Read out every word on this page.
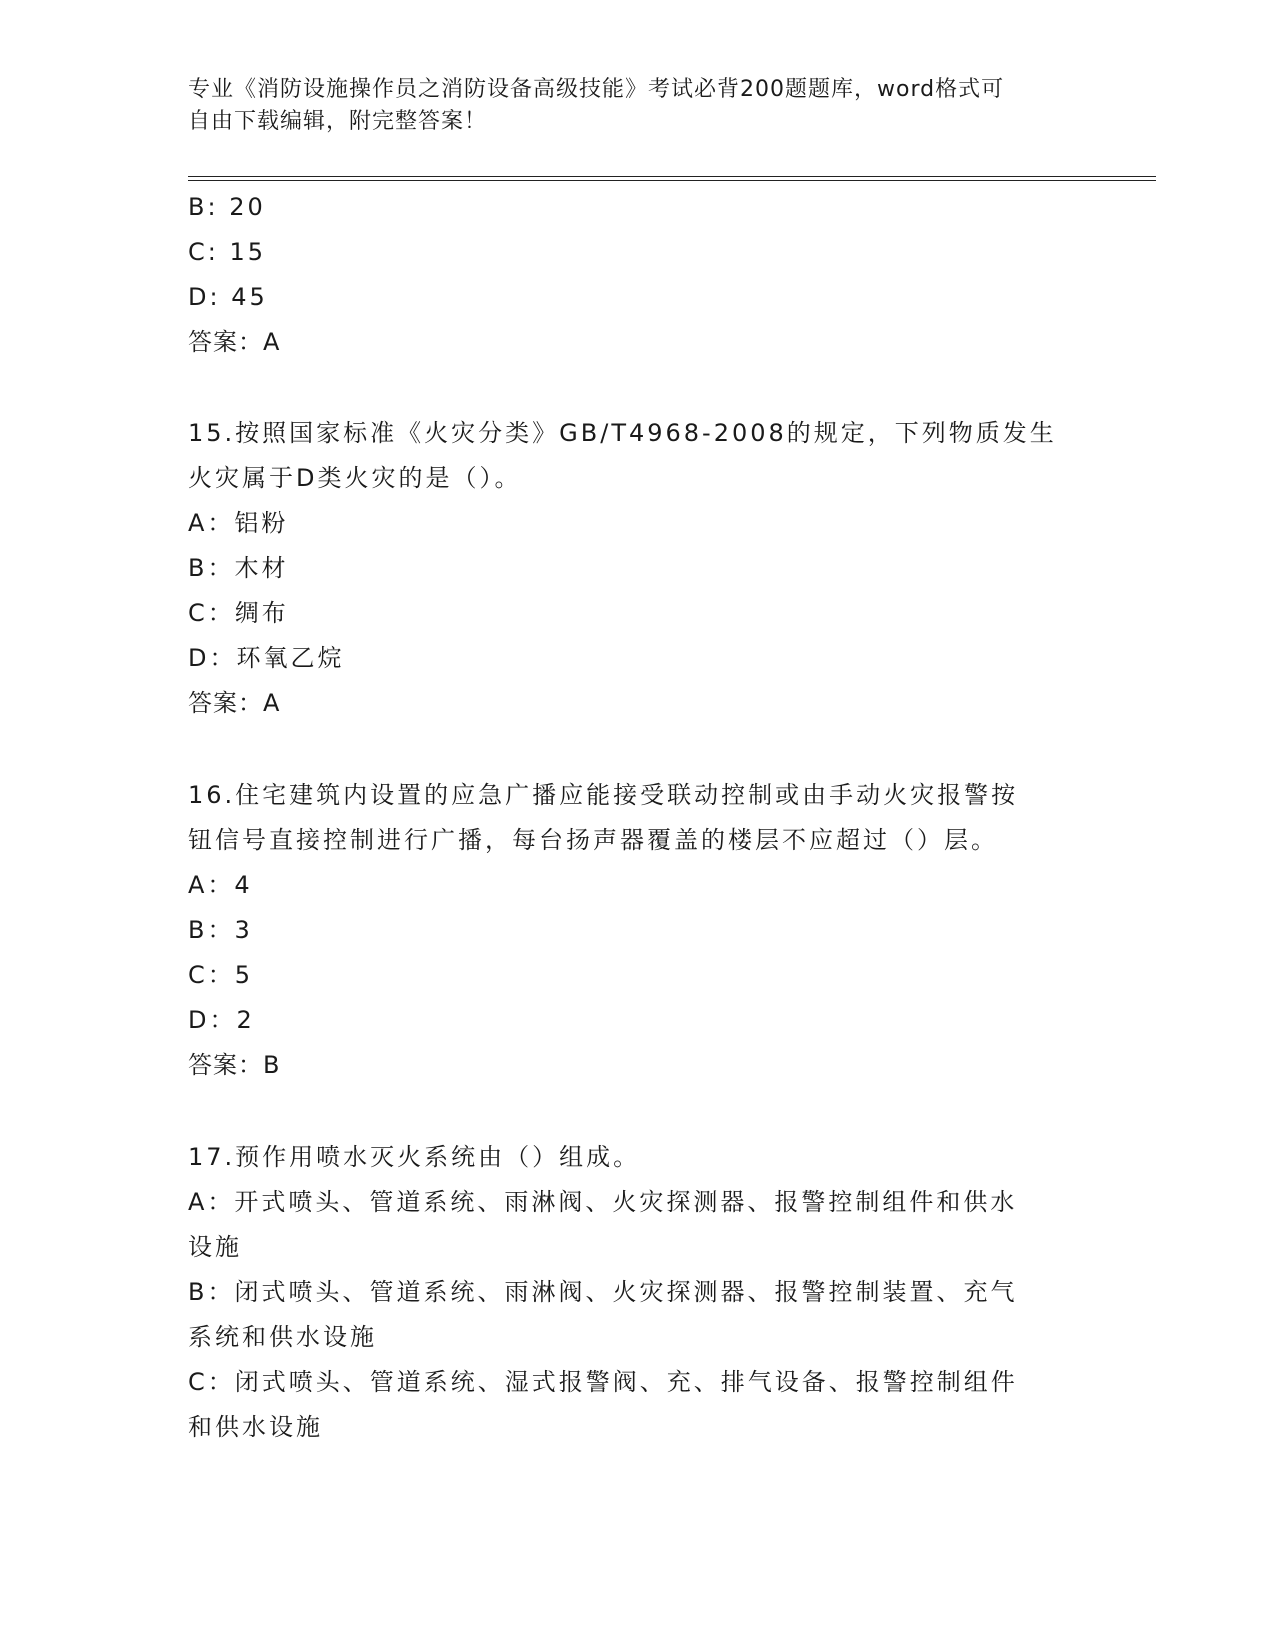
专业《消防设施操作员之消防设备高级技能》考试必背200题题库，word格式可
自由下载编辑，附完整答案！
B: 20
C: 15
D: 45
答案：A
15.按照国家标准《火灾分类》GB/T4968-2008的规定，下列物质发生
火灾属于D类火灾的是（）。
A：铝粉
B：木材
C：绸布
D：环氧乙烷
答案：A
16.住宅建筑内设置的应急广播应能接受联动控制或由手动火灾报警按
钮信号直接控制进行广播，每台扬声器覆盖的楼层不应超过（）层。
A：4
B：3
C：5
D：2
答案：B
17.预作用喷水灭火系统由（）组成。
A：开式喷头、管道系统、雨淋阀、火灾探测器、报警控制组件和供水
设施
B：闭式喷头、管道系统、雨淋阀、火灾探测器、报警控制装置、充气
系统和供水设施
C：闭式喷头、管道系统、湿式报警阀、充、排气设备、报警控制组件
和供水设施
